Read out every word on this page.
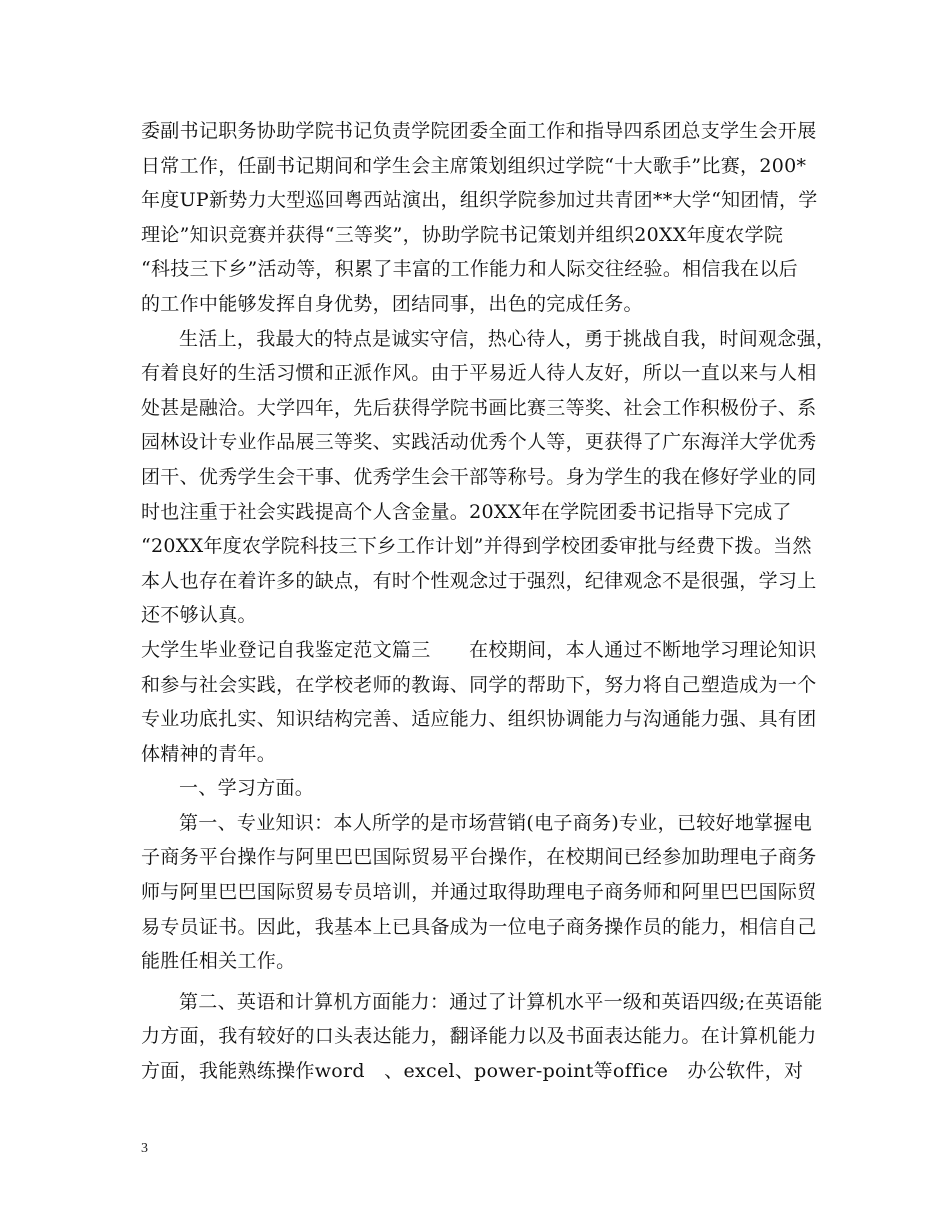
委副书记职务协助学院书记负责学院团委全面工作和指导四系团总支学生会开展
日常工作，任副书记期间和学生会主席策划组织过学院“十大歌手”比赛，200*
年度UP新势力大型巡回粤西站演出，组织学院参加过共青团**大学“知团情，学
理论”知识竞赛并获得“三等奖”，协助学院书记策划并组织20XX年度农学院
“科技三下乡”活动等，积累了丰富的工作能力和人际交往经验。相信我在以后
的工作中能够发挥自身优势，团结同事，出色的完成任务。
生活上，我最大的特点是诚实守信，热心待人，勇于挑战自我，时间观念强，
有着良好的生活习惯和正派作风。由于平易近人待人友好，所以一直以来与人相
处甚是融洽。大学四年，先后获得学院书画比赛三等奖、社会工作积极份子、系
园林设计专业作品展三等奖、实践活动优秀个人等，更获得了广东海洋大学优秀
团干、优秀学生会干事、优秀学生会干部等称号。身为学生的我在修好学业的同
时也注重于社会实践提高个人含金量。20XX年在学院团委书记指导下完成了
“20XX年度农学院科技三下乡工作计划”并得到学校团委审批与经费下拨。当然
本人也存在着许多的缺点，有时个性观念过于强烈，纪律观念不是很强，学习上
还不够认真。
大学生毕业登记自我鉴定范文篇三　　在校期间，本人通过不断地学习理论知识
和参与社会实践，在学校老师的教诲、同学的帮助下，努力将自己塑造成为一个
专业功底扎实、知识结构完善、适应能力、组织协调能力与沟通能力强、具有团
体精神的青年。
一、学习方面。
第一、专业知识：本人所学的是市场营销(电子商务)专业，已较好地掌握电
子商务平台操作与阿里巴巴国际贸易平台操作，在校期间已经参加助理电子商务
师与阿里巴巴国际贸易专员培训，并通过取得助理电子商务师和阿里巴巴国际贸
易专员证书。因此，我基本上已具备成为一位电子商务操作员的能力，相信自己
能胜任相关工作。
第二、英语和计算机方面能力：通过了计算机水平一级和英语四级;在英语能
力方面，我有较好的口头表达能力，翻译能力以及书面表达能力。在计算机能力
方面，我能熟练操作word　、excel、power-point等office　办公软件，对
3
